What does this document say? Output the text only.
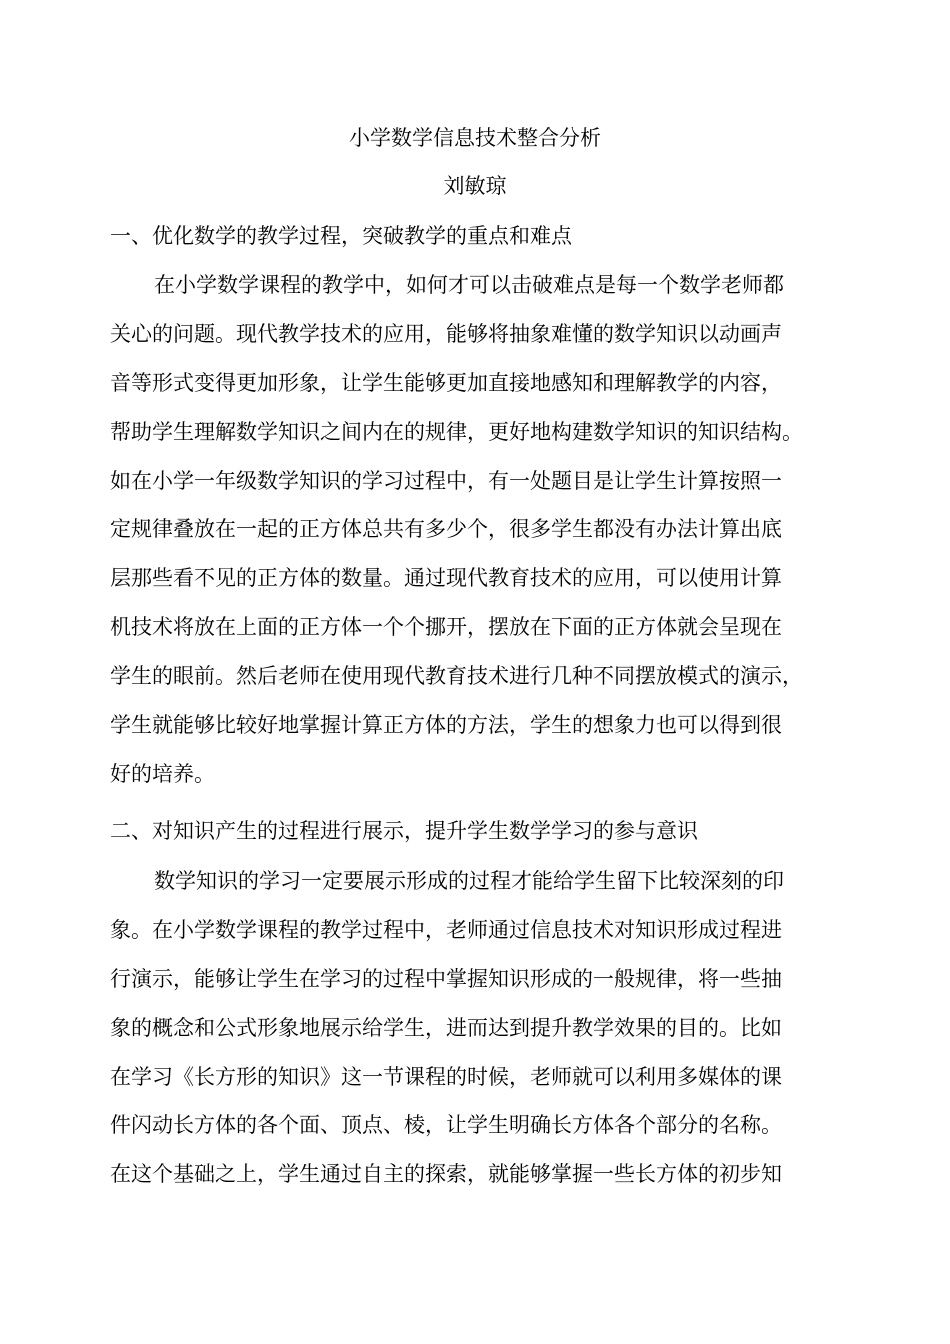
小学数学信息技术整合分析
刘敏琼
一、优化数学的教学过程，突破教学的重点和难点
在小学数学课程的教学中，如何才可以击破难点是每一个数学老师都
关心的问题。现代教学技术的应用，能够将抽象难懂的数学知识以动画声
音等形式变得更加形象，让学生能够更加直接地感知和理解教学的内容，
帮助学生理解数学知识之间内在的规律，更好地构建数学知识的知识结构。
如在小学一年级数学知识的学习过程中，有一处题目是让学生计算按照一
定规律叠放在一起的正方体总共有多少个，很多学生都没有办法计算出底
层那些看不见的正方体的数量。通过现代教育技术的应用，可以使用计算
机技术将放在上面的正方体一个个挪开，摆放在下面的正方体就会呈现在
学生的眼前。然后老师在使用现代教育技术进行几种不同摆放模式的演示，
学生就能够比较好地掌握计算正方体的方法，学生的想象力也可以得到很
好的培养。
二、对知识产生的过程进行展示，提升学生数学学习的参与意识
数学知识的学习一定要展示形成的过程才能给学生留下比较深刻的印
象。在小学数学课程的教学过程中，老师通过信息技术对知识形成过程进
行演示，能够让学生在学习的过程中掌握知识形成的一般规律，将一些抽
象的概念和公式形象地展示给学生，进而达到提升教学效果的目的。比如
在学习《长方形的知识》这一节课程的时候，老师就可以利用多媒体的课
件闪动长方体的各个面、顶点、棱，让学生明确长方体各个部分的名称。
在这个基础之上，学生通过自主的探索，就能够掌握一些长方体的初步知
